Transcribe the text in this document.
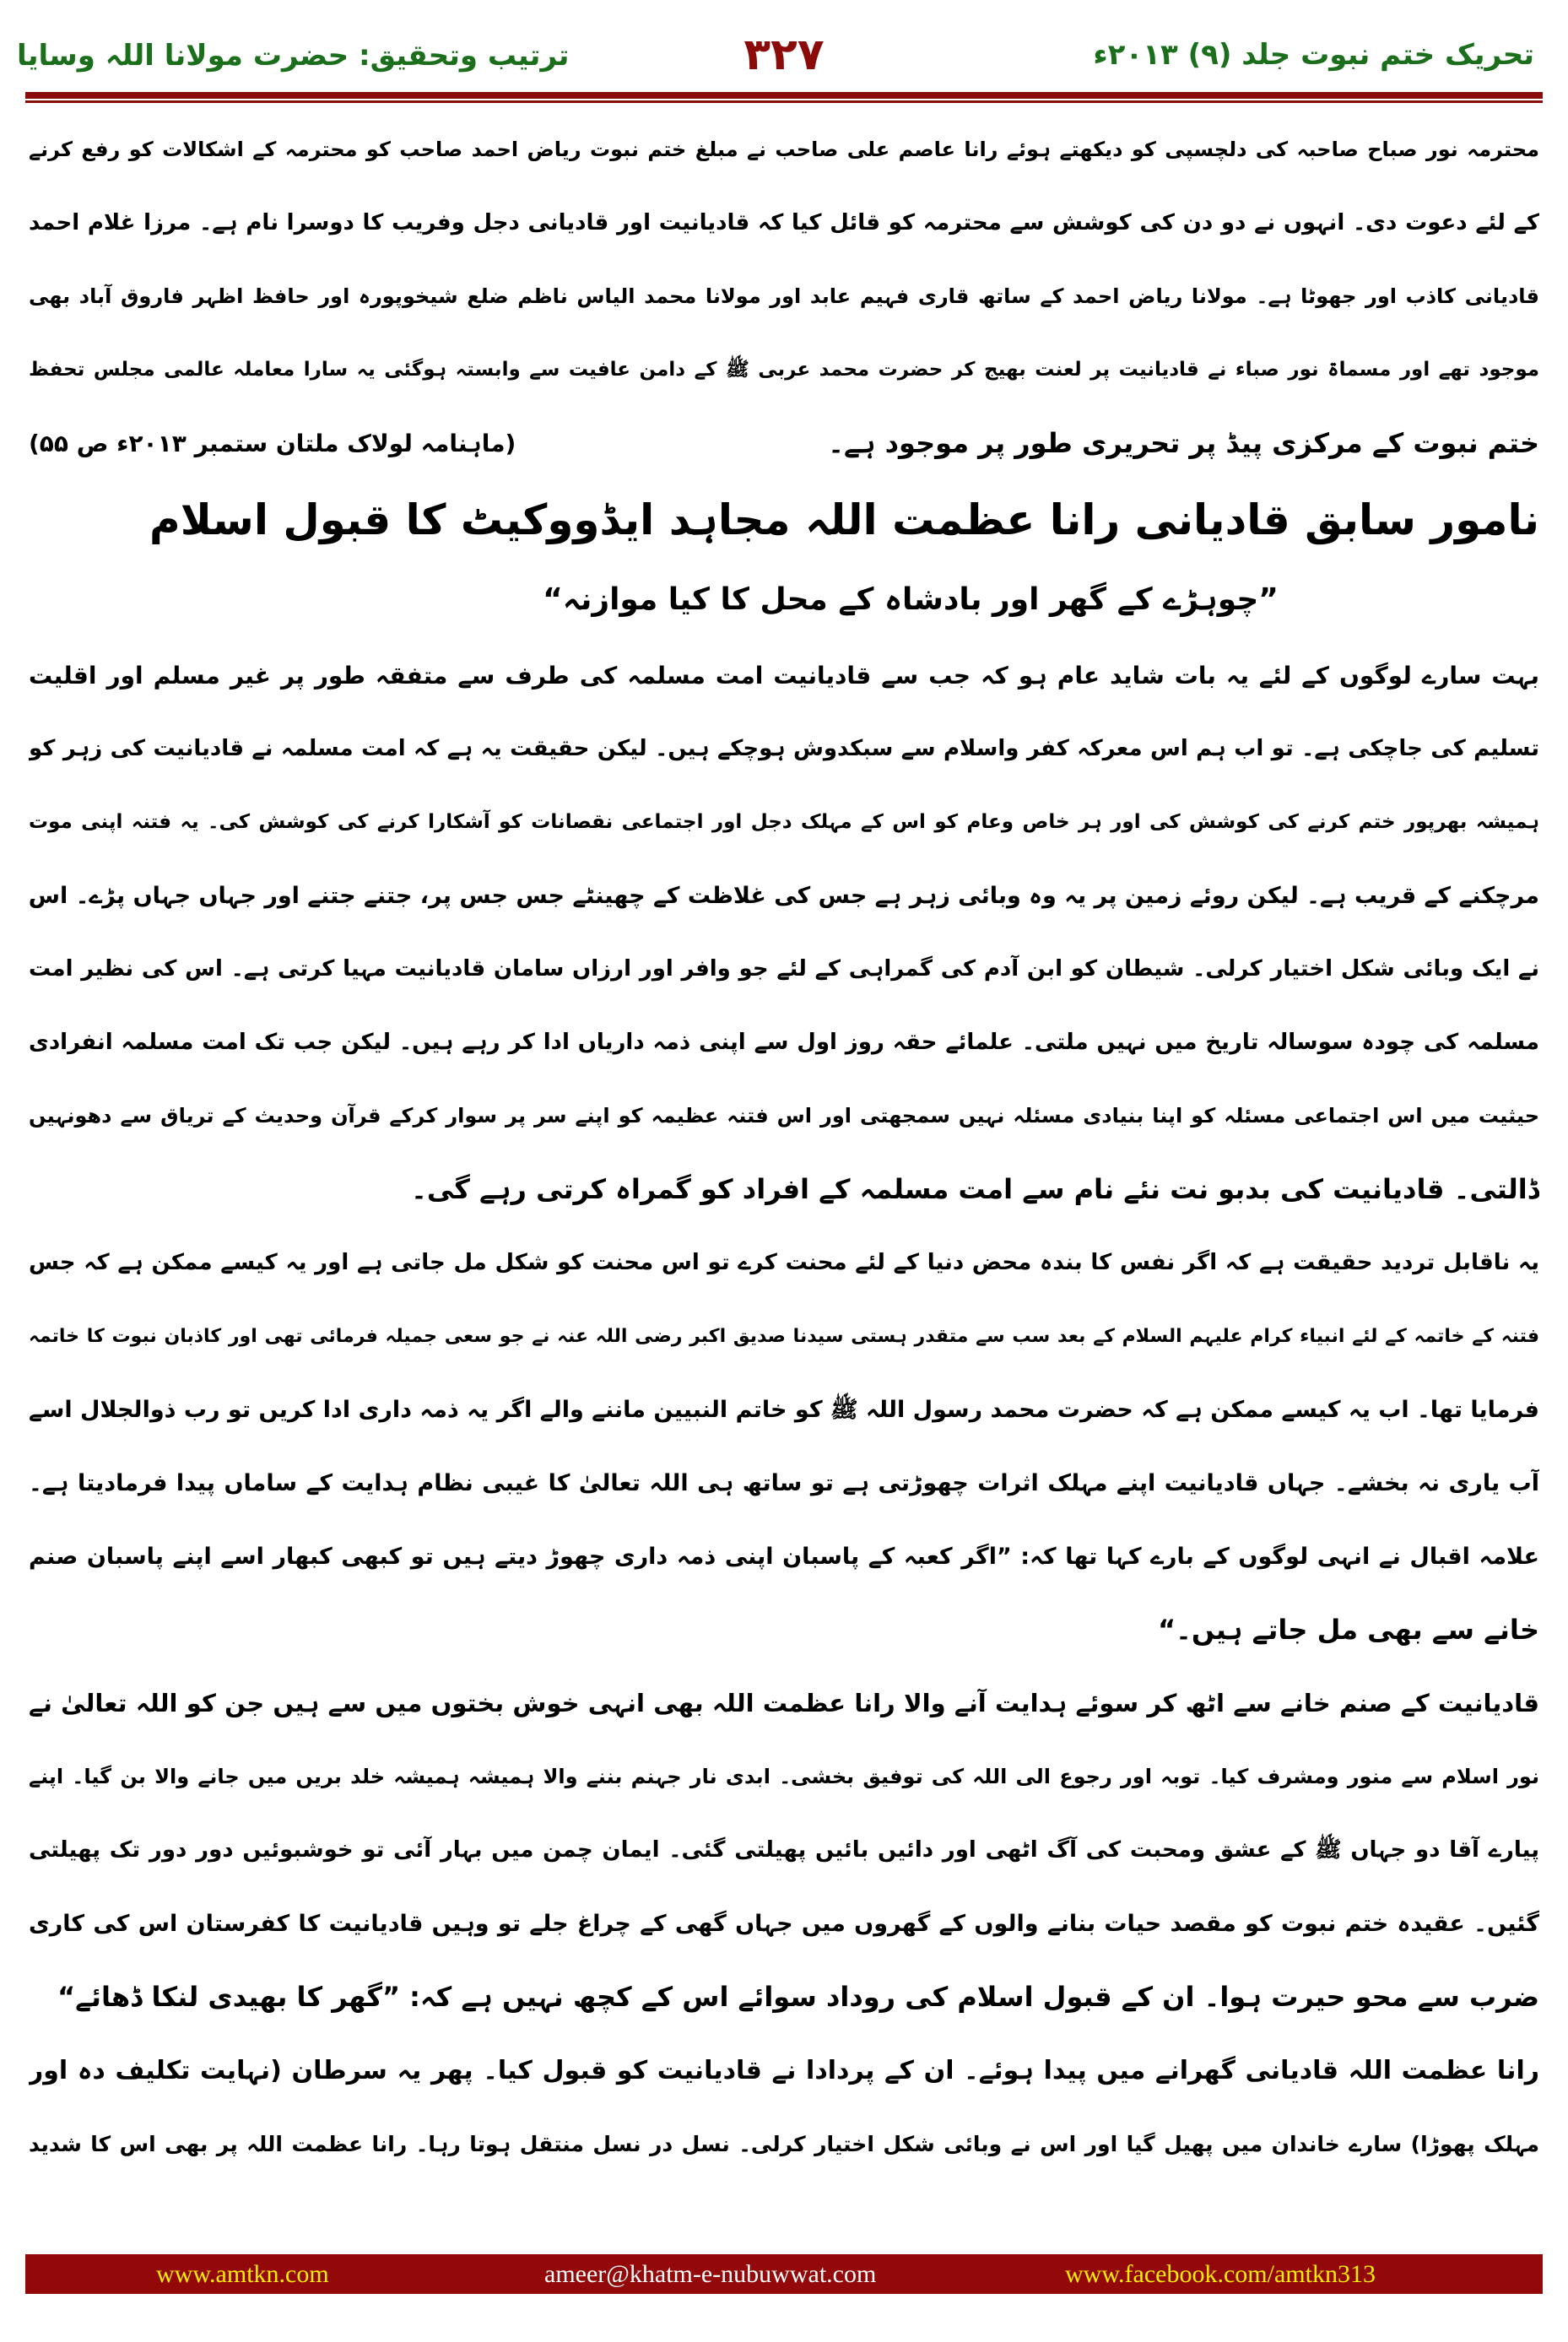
تحریک ختم نبوت جلد (۹) ۲۰۱۳ء
۳۲۷
ترتیب وتحقیق: حضرت مولانا اللہ وسایا
محترمہ نور صباح صاحبہ کی دلچسپی کو دیکھتے ہوئے رانا عاصم علی صاحب نے مبلغ ختم نبوت ریاض احمد صاحب کو محترمہ کے اشکالات کو رفع کرنے
کے لئے دعوت دی۔ انہوں نے دو دن کی کوشش سے محترمہ کو قائل کیا کہ قادیانیت اور قادیانی دجل وفریب کا دوسرا نام ہے۔ مرزا غلام احمد
قادیانی کاذب اور جھوٹا ہے۔ مولانا ریاض احمد کے ساتھ قاری فہیم عابد اور مولانا محمد الیاس ناظم ضلع شیخوپورہ اور حافظ اظہر فاروق آباد بھی
موجود تھے اور مسماۃ نور صباء نے قادیانیت پر لعنت بھیج کر حضرت محمد عربی ﷺ کے دامن عافیت سے وابستہ ہوگئی یہ سارا معاملہ عالمی مجلس تحفظ
ختم نبوت کے مرکزی پیڈ پر تحریری طور پر موجود ہے۔
(ماہنامہ لولاک ملتان ستمبر ۲۰۱۳ء ص ۵۵)
نامور سابق قادیانی رانا عظمت اللہ مجاہد ایڈووکیٹ کا قبول اسلام
”چوہڑے کے گھر اور بادشاہ کے محل کا کیا موازنہ“
بہت سارے لوگوں کے لئے یہ بات شاید عام ہو کہ جب سے قادیانیت امت مسلمہ کی طرف سے متفقہ طور پر غیر مسلم اور اقلیت
تسلیم کی جاچکی ہے۔ تو اب ہم اس معرکہ کفر واسلام سے سبکدوش ہوچکے ہیں۔ لیکن حقیقت یہ ہے کہ امت مسلمہ نے قادیانیت کی زہر کو
ہمیشہ بھرپور ختم کرنے کی کوشش کی اور ہر خاص وعام کو اس کے مہلک دجل اور اجتماعی نقصانات کو آشکارا کرنے کی کوشش کی۔ یہ فتنہ اپنی موت
مرچکنے کے قریب ہے۔ لیکن روئے زمین پر یہ وہ وبائی زہر ہے جس کی غلاظت کے چھینٹے جس جس پر، جتنے جتنے اور جہاں جہاں پڑے۔ اس
نے ایک وبائی شکل اختیار کرلی۔ شیطان کو ابن آدم کی گمراہی کے لئے جو وافر اور ارزاں سامان قادیانیت مہیا کرتی ہے۔ اس کی نظیر امت
مسلمہ کی چودہ سوسالہ تاریخ میں نہیں ملتی۔ علمائے حقہ روز اول سے اپنی ذمہ داریاں ادا کر رہے ہیں۔ لیکن جب تک امت مسلمہ انفرادی
حیثیت میں اس اجتماعی مسئلہ کو اپنا بنیادی مسئلہ نہیں سمجھتی اور اس فتنہ عظیمہ کو اپنے سر پر سوار کرکے قرآن وحدیث کے تریاق سے دھونہیں
ڈالتی۔ قادیانیت کی بدبو نت نئے نام سے امت مسلمہ کے افراد کو گمراہ کرتی رہے گی۔
یہ ناقابل تردید حقیقت ہے کہ اگر نفس کا بندہ محض دنیا کے لئے محنت کرے تو اس محنت کو شکل مل جاتی ہے اور یہ کیسے ممکن ہے کہ جس
فتنہ کے خاتمہ کے لئے انبیاء کرام علیہم السلام کے بعد سب سے متقدر ہستی سیدنا صدیق اکبر رضی اللہ عنہ نے جو سعی جمیلہ فرمائی تھی اور کاذبان نبوت کا خاتمہ
فرمایا تھا۔ اب یہ کیسے ممکن ہے کہ حضرت محمد رسول اللہ ﷺ کو خاتم النبیین ماننے والے اگر یہ ذمہ داری ادا کریں تو رب ذوالجلال اسے
آب یاری نہ بخشے۔ جہاں قادیانیت اپنے مہلک اثرات چھوڑتی ہے تو ساتھ ہی اللہ تعالیٰ کا غیبی نظام ہدایت کے ساماں پیدا فرمادیتا ہے۔
علامہ اقبال نے انہی لوگوں کے بارے کہا تھا کہ: ”اگر کعبہ کے پاسبان اپنی ذمہ داری چھوڑ دیتے ہیں تو کبھی کبھار اسے اپنے پاسبان صنم
خانے سے بھی مل جاتے ہیں۔“
قادیانیت کے صنم خانے سے اٹھ کر سوئے ہدایت آنے والا رانا عظمت اللہ بھی انہی خوش بختوں میں سے ہیں جن کو اللہ تعالیٰ نے
نور اسلام سے منور ومشرف کیا۔ توبہ اور رجوع الی اللہ کی توفیق بخشی۔ ابدی نار جہنم بننے والا ہمیشہ ہمیشہ خلد بریں میں جانے والا بن گیا۔ اپنے
پیارے آقا دو جہاں ﷺ کے عشق ومحبت کی آگ اٹھی اور دائیں بائیں پھیلتی گئی۔ ایمان چمن میں بہار آئی تو خوشبوئیں دور دور تک پھیلتی
گئیں۔ عقیدہ ختم نبوت کو مقصد حیات بنانے والوں کے گھروں میں جہاں گھی کے چراغ جلے تو وہیں قادیانیت کا کفرستان اس کی کاری
ضرب سے محو حیرت ہوا۔ ان کے قبول اسلام کی روداد سوائے اس کے کچھ نہیں ہے کہ: ”گھر کا بھیدی لنکا ڈھائے“
رانا عظمت اللہ قادیانی گھرانے میں پیدا ہوئے۔ ان کے پردادا نے قادیانیت کو قبول کیا۔ پھر یہ سرطان (نہایت تکلیف دہ اور
مہلک پھوڑا) سارے خاندان میں پھیل گیا اور اس نے وبائی شکل اختیار کرلی۔ نسل در نسل منتقل ہوتا رہا۔ رانا عظمت اللہ پر بھی اس کا شدید
www.amtkn.com	ameer@khatm-e-nubuwwat.com	www.facebook.com/amtkn313
